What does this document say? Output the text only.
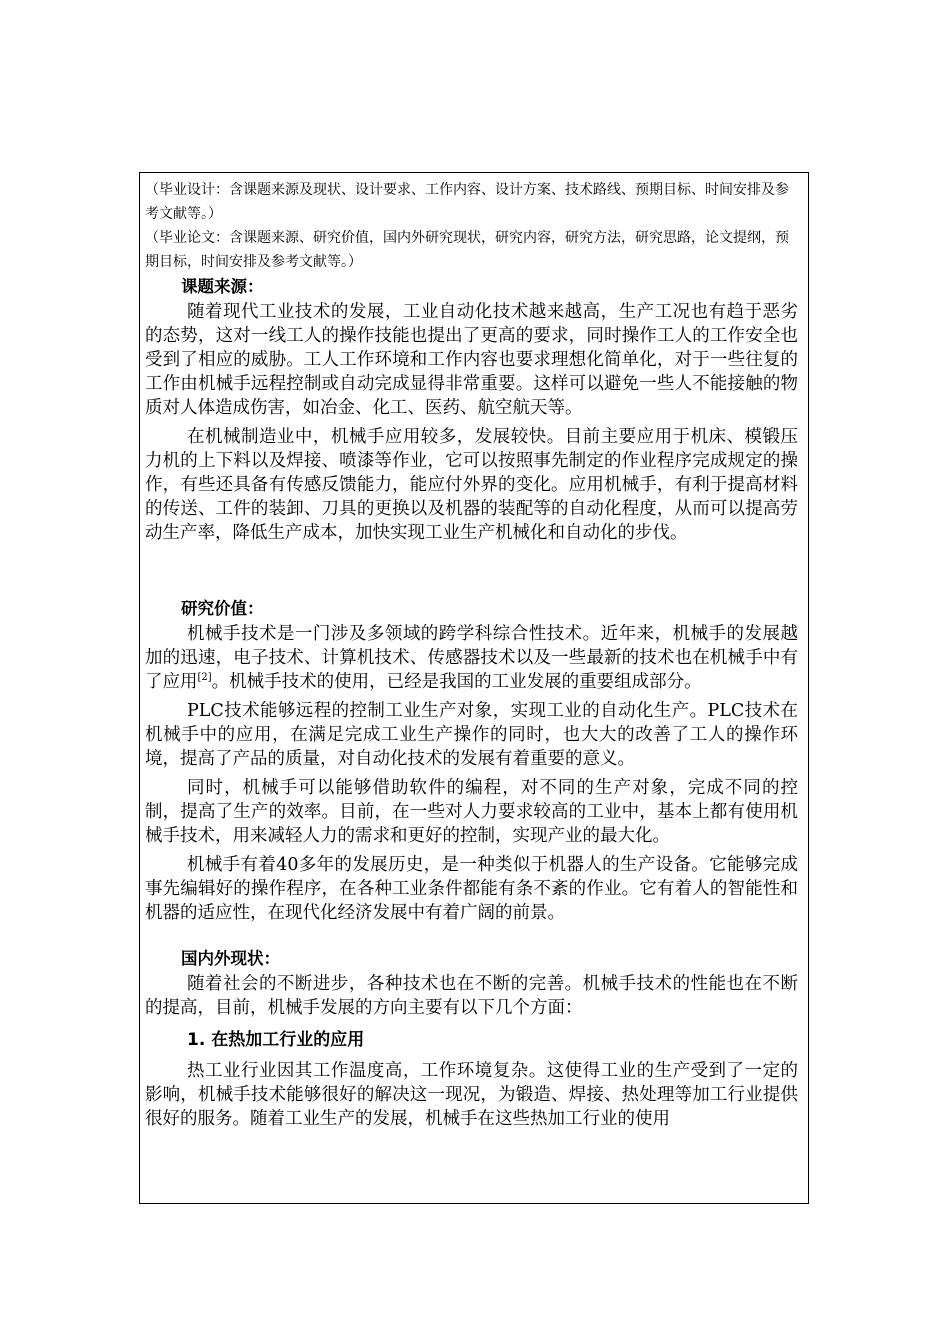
（毕业设计：含课题来源及现状、设计要求、工作内容、设计方案、技术路线、预期目标、时间安排及参考文献等。）

（毕业论文：含课题来源、研究价值，国内外研究现状，研究内容，研究方法，研究思路，论文提纲，预期目标，时间安排及参考文献等。）

课题来源：

随着现代工业技术的发展，工业自动化技术越来越高，生产工况也有趋于恶劣的态势，这对一线工人的操作技能也提出了更高的要求，同时操作工人的工作安全也受到了相应的威胁。工人工作环境和工作内容也要求理想化简单化，对于一些往复的工作由机械手远程控制或自动完成显得非常重要。这样可以避免一些人不能接触的物质对人体造成伤害，如冶金、化工、医药、航空航天等。

在机械制造业中，机械手应用较多，发展较快。目前主要应用于机床、模锻压力机的上下料以及焊接、喷漆等作业，它可以按照事先制定的作业程序完成规定的操作，有些还具备有传感反馈能力，能应付外界的变化。应用机械手，有利于提高材料的传送、工件的装卸、刀具的更换以及机器的装配等的自动化程度，从而可以提高劳动生产率，降低生产成本，加快实现工业生产机械化和自动化的步伐。

研究价值：

机械手技术是一门涉及多领域的跨学科综合性技术。近年来，机械手的发展越加的迅速，电子技术、计算机技术、传感器技术以及一些最新的技术也在机械手中有了应用[2]。机械手技术的使用，已经是我国的工业发展的重要组成部分。

PLC技术能够远程的控制工业生产对象，实现工业的自动化生产。PLC技术在机械手中的应用，在满足完成工业生产操作的同时，也大大的改善了工人的操作环境，提高了产品的质量，对自动化技术的发展有着重要的意义。

同时，机械手可以能够借助软件的编程，对不同的生产对象，完成不同的控制，提高了生产的效率。目前，在一些对人力要求较高的工业中，基本上都有使用机械手技术，用来减轻人力的需求和更好的控制，实现产业的最大化。

机械手有着40多年的发展历史，是一种类似于机器人的生产设备。它能够完成事先编辑好的操作程序，在各种工业条件都能有条不紊的作业。它有着人的智能性和机器的适应性，在现代化经济发展中有着广阔的前景。

国内外现状：

随着社会的不断进步，各种技术也在不断的完善。机械手技术的性能也在不断的提高，目前，机械手发展的方向主要有以下几个方面：

1. 在热加工行业的应用

热工业行业因其工作温度高，工作环境复杂。这使得工业的生产受到了一定的影响，机械手技术能够很好的解决这一现况，为锻造、焊接、热处理等加工行业提供很好的服务。随着工业生产的发展，机械手在这些热加工行业的使用
